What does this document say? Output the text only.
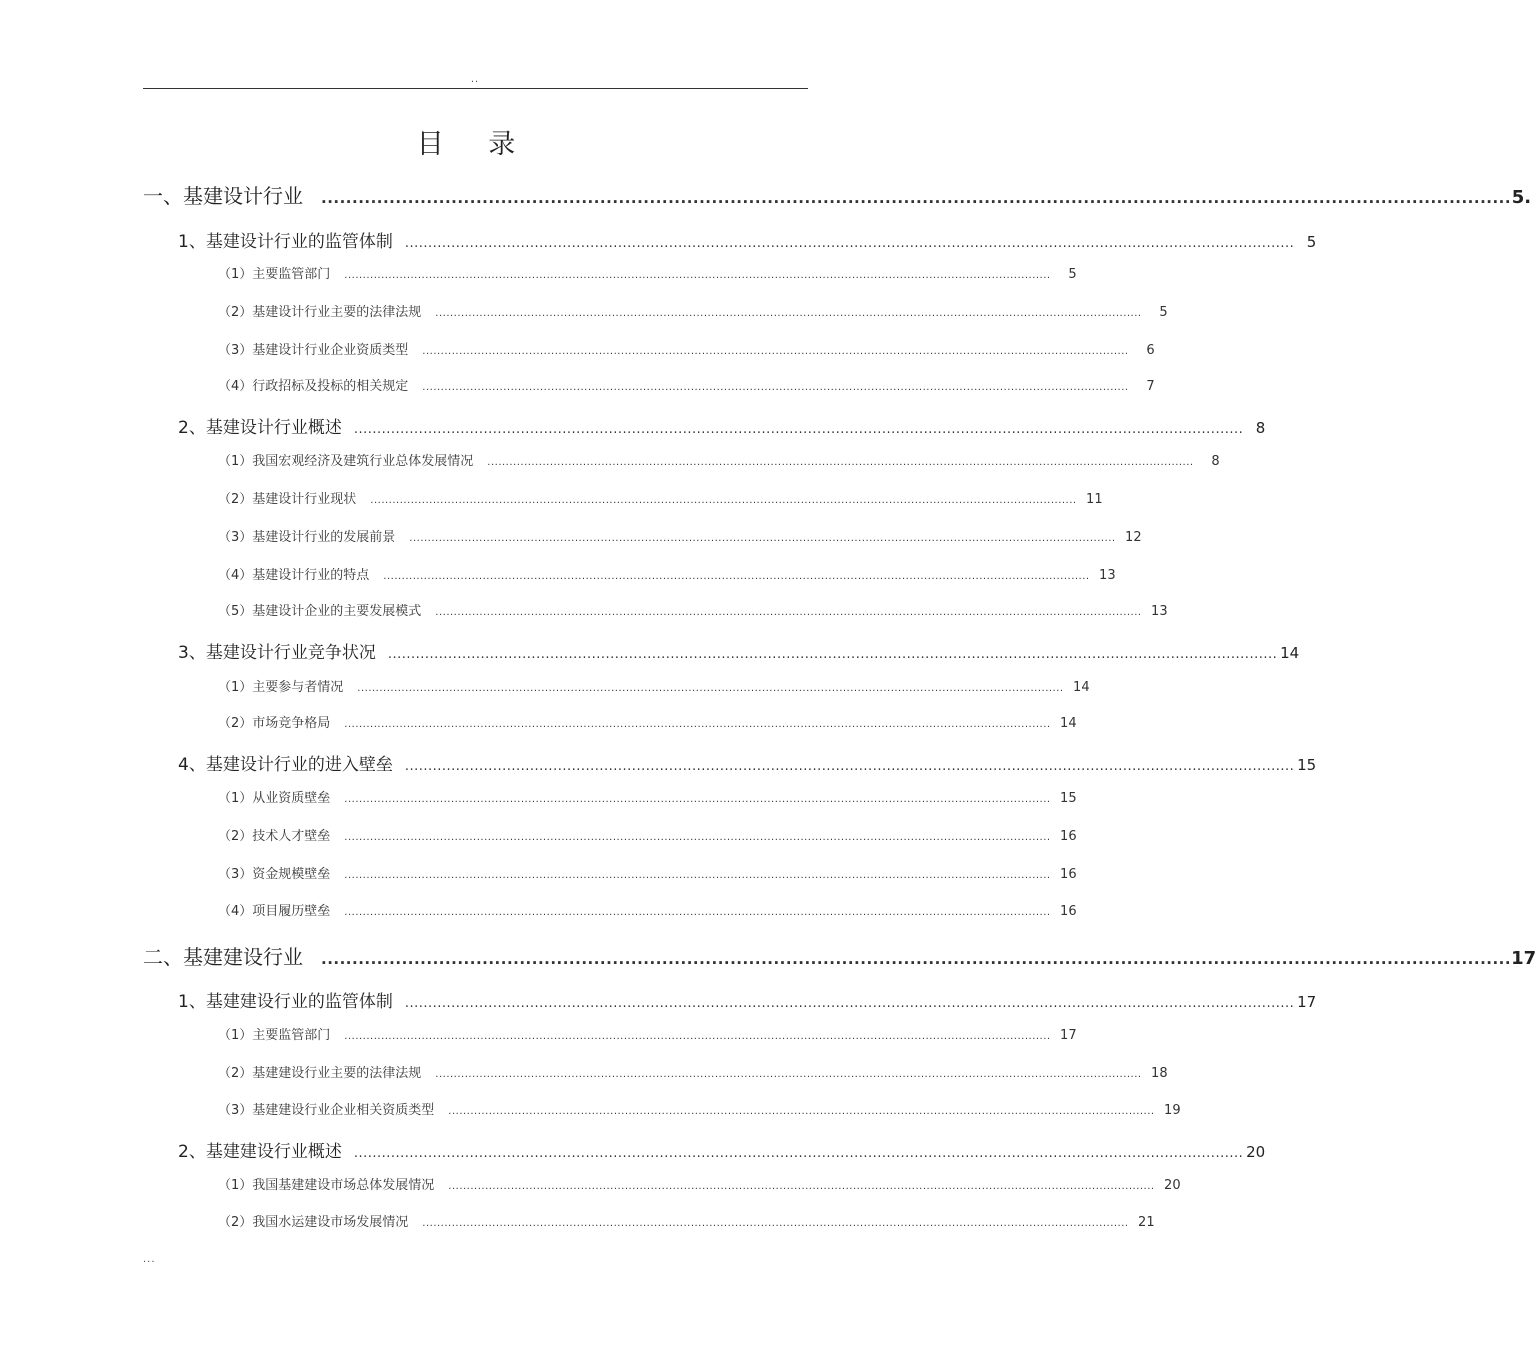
..
目 录
一、基建设计行业	................................................................................................................................................................................................ 5.
1、基建设计行业的监管体制 ................................................................................................................................................................................................ 5
（1）主要监管部门	................................................................................................................................................................................................	5
（2）基建设计行业主要的法律法规	................................................................................................................................................................................................	5
（3）基建设计行业企业资质类型	................................................................................................................................................................................................	6
（4）行政招标及投标的相关规定	................................................................................................................................................................................................	7
2、基建设计行业概述 ................................................................................................................................................................................................ 8
（1）我国宏观经济及建筑行业总体发展情况	................................................................................................................................................................................................	8
（2）基建设计行业现状	................................................................................................................................................................................................ 11
（3）基建设计行业的发展前景	................................................................................................................................................................................................ 12
（4）基建设计行业的特点	................................................................................................................................................................................................ 13
（5）基建设计企业的主要发展模式	................................................................................................................................................................................................ 13
3、基建设计行业竞争状况 ................................................................................................................................................................................................ 14
（1）主要参与者情况	................................................................................................................................................................................................ 14
（2）市场竞争格局	................................................................................................................................................................................................ 14
4、基建设计行业的进入壁垒 ................................................................................................................................................................................................ 15
（1）从业资质壁垒	................................................................................................................................................................................................ 15
（2）技术人才壁垒	................................................................................................................................................................................................ 16
（3）资金规模壁垒	................................................................................................................................................................................................ 16
（4）项目履历壁垒	................................................................................................................................................................................................ 16
二、基建建设行业	................................................................................................................................................................................................ 17
1、基建建设行业的监管体制 ................................................................................................................................................................................................ 17
（1）主要监管部门	................................................................................................................................................................................................ 17
（2）基建建设行业主要的法律法规	................................................................................................................................................................................................ 18
（3）基建建设行业企业相关资质类型	................................................................................................................................................................................................ 19
2、基建建设行业概述 ................................................................................................................................................................................................ 20
（1）我国基建建设市场总体发展情况	................................................................................................................................................................................................ 20
（2）我国水运建设市场发展情况	................................................................................................................................................................................................ 21
...
